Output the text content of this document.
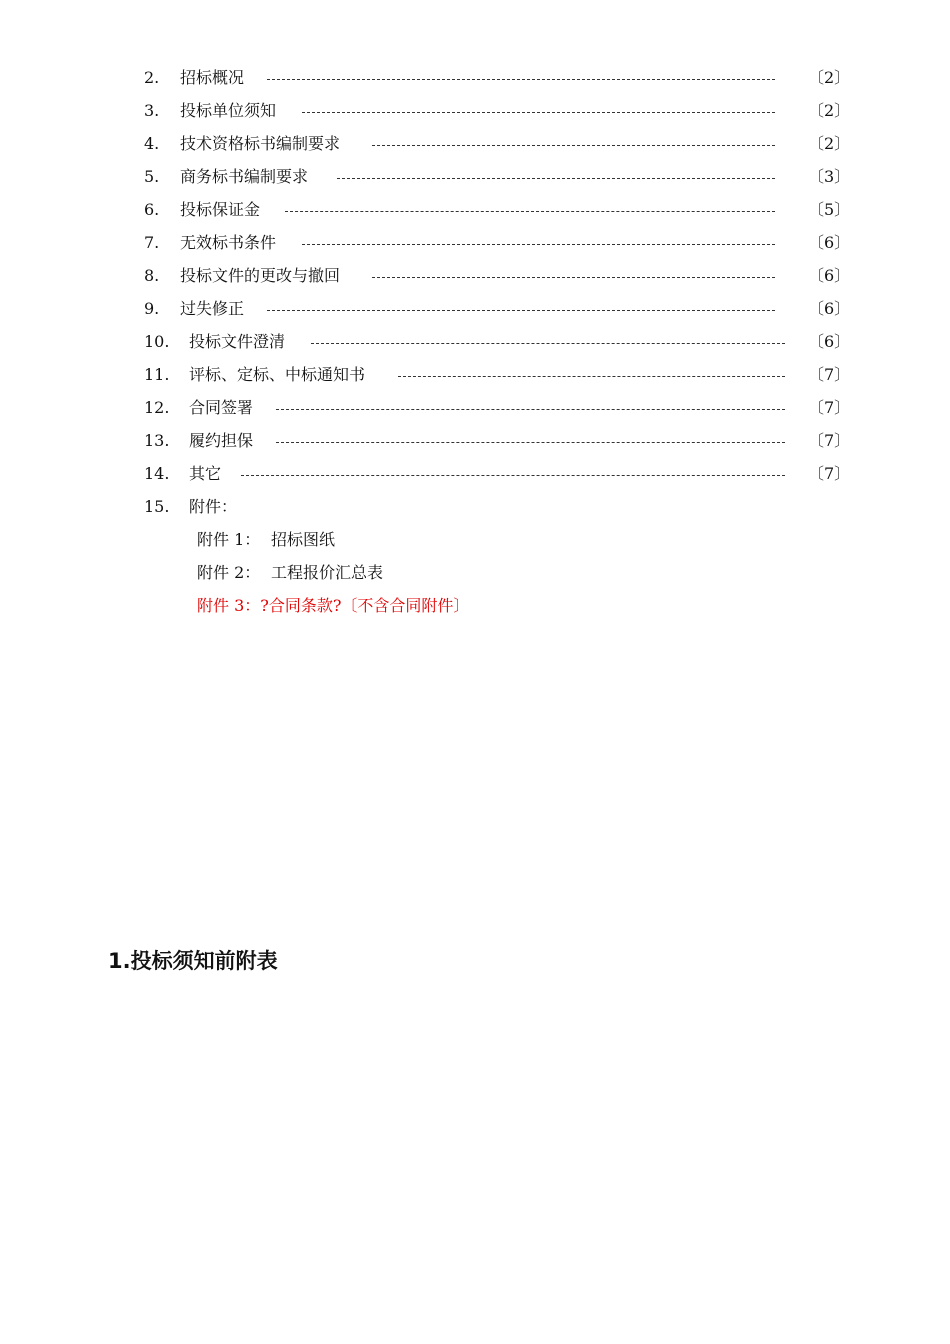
2. 招标概况	〔2〕
3. 投标单位须知	〔2〕
4. 技术资格标书编制要求	〔2〕
5. 商务标书编制要求	〔3〕
6. 投标保证金	〔5〕
7. 无效标书条件	〔6〕
8. 投标文件的更改与撤回	〔6〕
9. 过失修正	〔6〕
10. 投标文件澄清	〔6〕
11. 评标、定标、中标通知书	〔7〕
12. 合同签署	〔7〕
13. 履约担保	〔7〕
14. 其它	〔7〕
15. 附件：
附件 1： 招标图纸
附件 2： 工程报价汇总表
附件 3：?合同条款?〔不含合同附件〕
1.投标须知前附表
